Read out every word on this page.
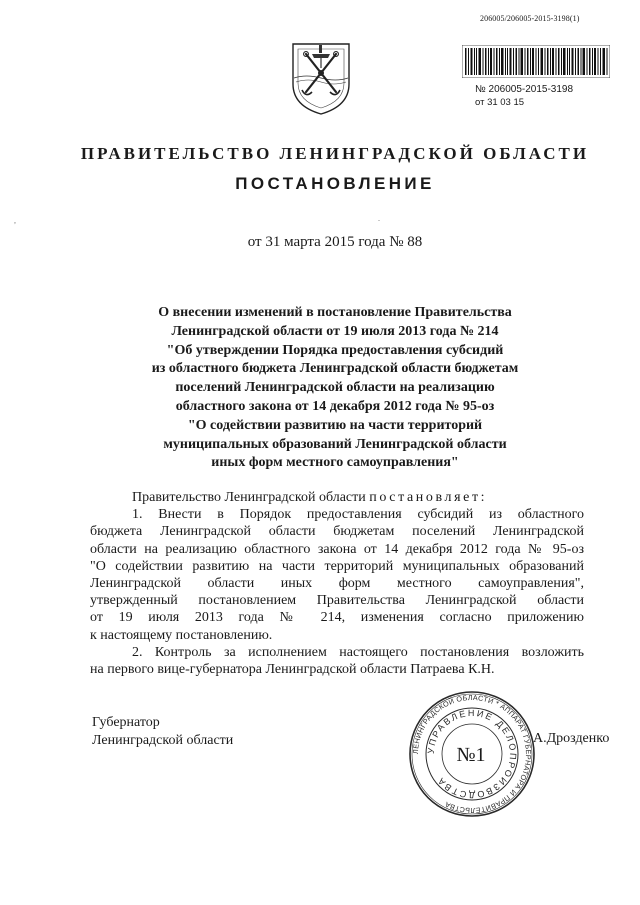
206005/206005-2015-3198(1)
№ 206005-2015-3198
от 31 03 15
ПРАВИТЕЛЬСТВО ЛЕНИНГРАДСКОЙ ОБЛАСТИ
ПОСТАНОВЛЕНИЕ
от 31 марта 2015 года № 88
О внесении изменений в постановление Правительства
Ленинградской области от 19 июля 2013 года № 214
"Об утверждении Порядка предоставления субсидий
из областного бюджета Ленинградской области бюджетам
поселений Ленинградской области на реализацию
областного закона от 14 декабря 2012 года № 95-оз
"О содействии развитию на части территорий
муниципальных образований Ленинградской области
иных форм местного самоуправления"
Правительство Ленинградской области постановляет:
1. Внести в Порядок предоставления субсидий из областного
бюджета Ленинградской области бюджетам поселений Ленинградской
области на реализацию областного закона от 14 декабря 2012 года № 95-оз
"О содействии развитию на части территорий муниципальных образований
Ленинградской области иных форм местного самоуправления",
утвержденный постановлением Правительства Ленинградской области
от 19 июля 2013 года № 214, изменения согласно приложению
к настоящему постановлению.
2. Контроль за исполнением настоящего постановления возложить
на первого вице-губернатора Ленинградской области Патраева К.Н.
Губернатор
Ленинградской области
ЛЕНИНГРАДСКОЙ ОБЛАСТИ * АППАРАТ ГУБЕРНАТОРА И ПРАВИТЕЛЬСТВА
УПРАВЛЕНИЕ ДЕЛОПРОИЗВОДСТВА
№1
А.Дрозденко
,	.
